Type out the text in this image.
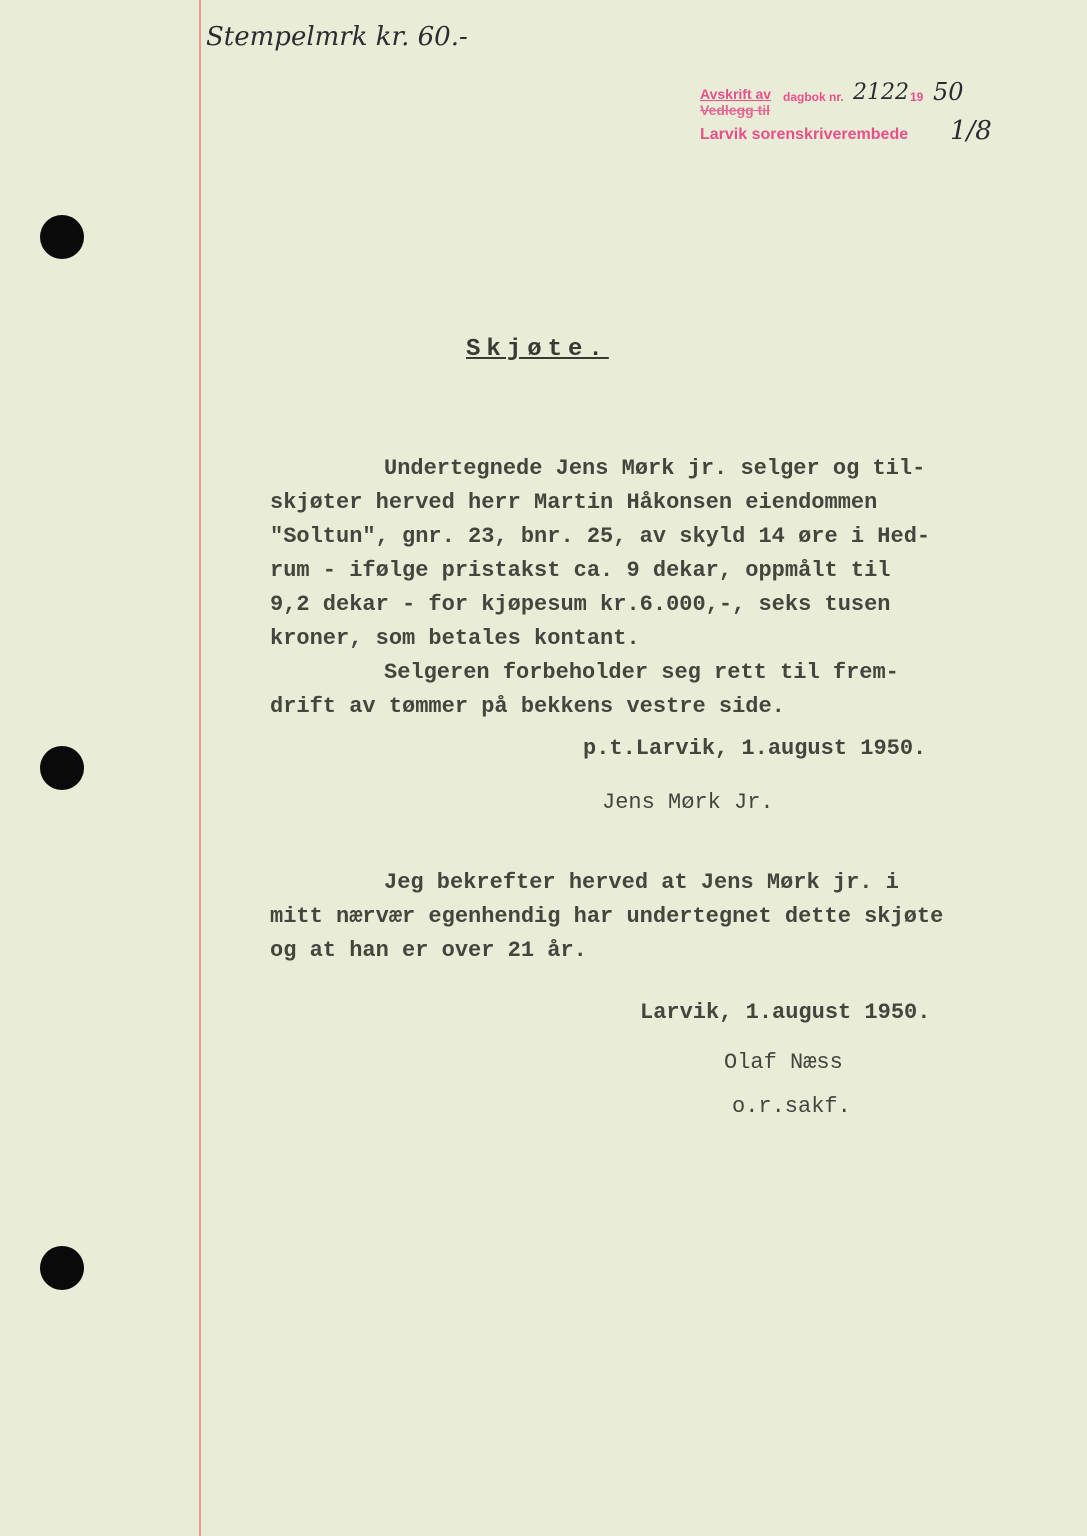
Stempelmrk kr. 60.-
Avskrift av
Vedlegg til
dagbok nr. 2122 19 50
Larvik sorenskriverembede 1/8
Skjøte.
Undertegnede Jens Mørk jr. selger og til-
skjøter herved herr Martin Håkonsen eiendommen
"Soltun", gnr. 23, bnr. 25, av skyld 14 øre i Hed-
rum - ifølge pristakst ca. 9 dekar, oppmålt til
9,2 dekar - for kjøpesum kr.6.000,-, seks tusen
kroner, som betales kontant.
Selgeren forbeholder seg rett til frem-
drift av tømmer på bekkens vestre side.
p.t.Larvik, 1.august 1950.
Jens Mørk Jr.
Jeg bekrefter herved at Jens Mørk jr. i
mitt nærvær egenhendig har undertegnet dette skjøte
og at han er over 21 år.
Larvik, 1.august 1950.
Olaf Næss
o.r.sakf.
